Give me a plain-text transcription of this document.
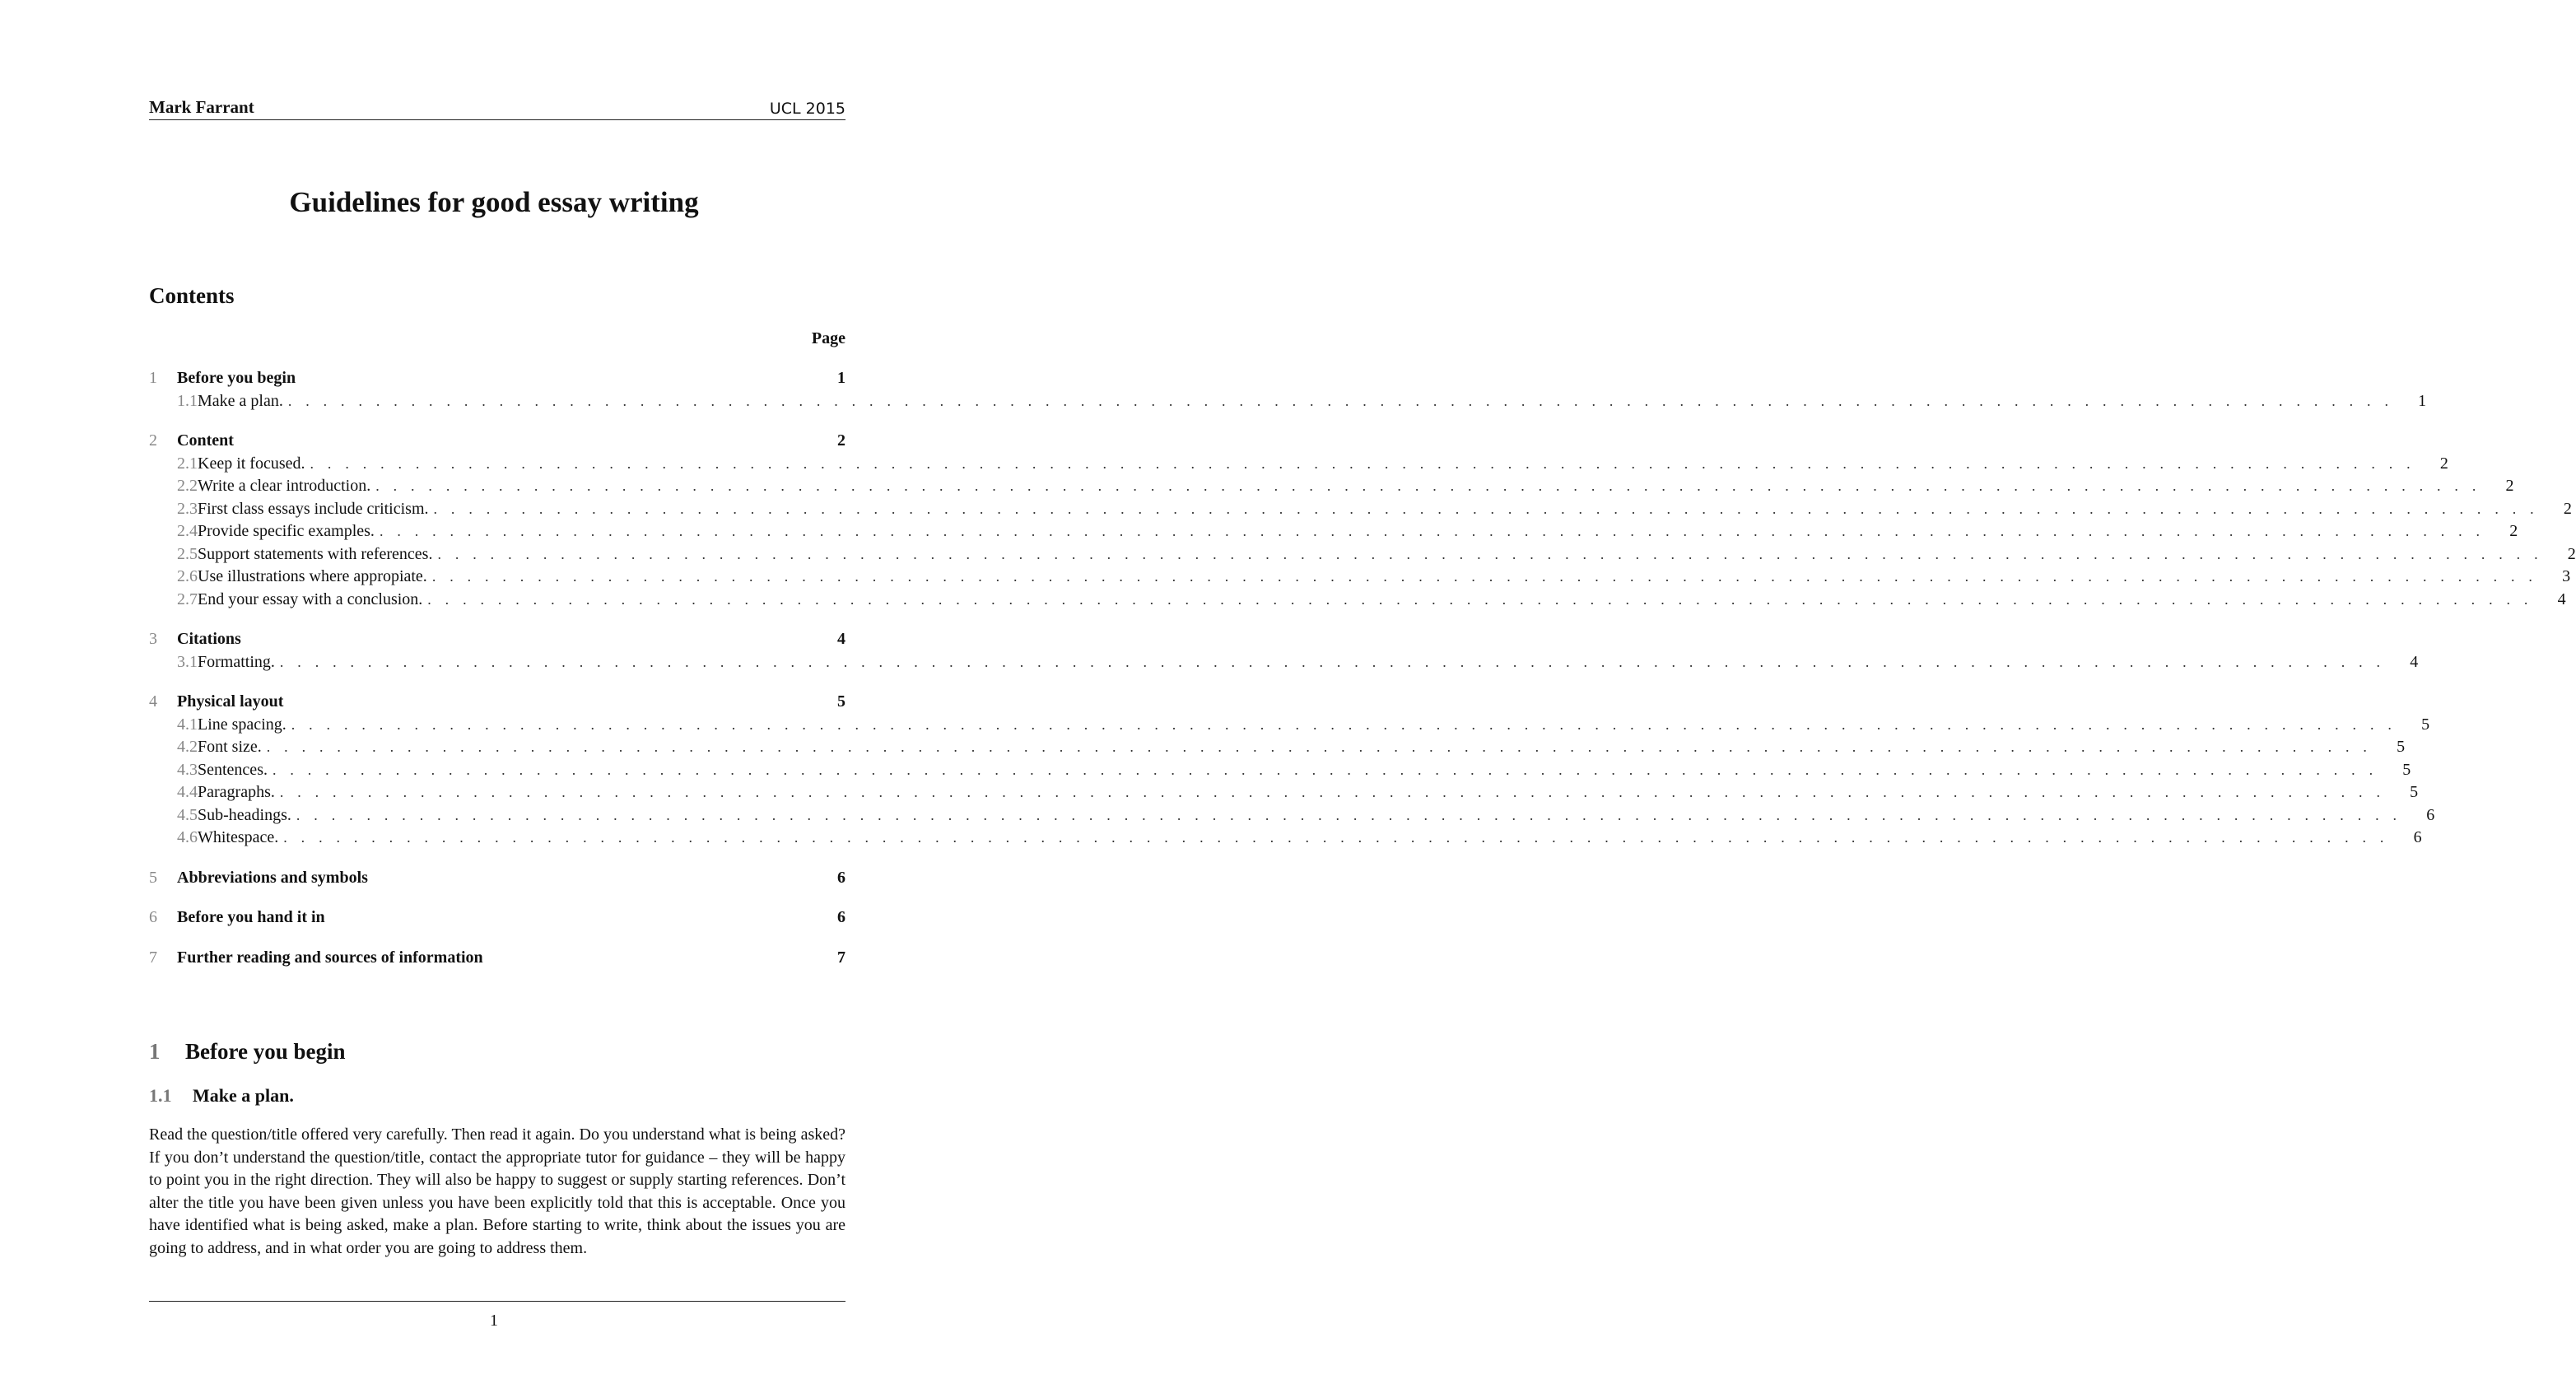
Mark Farrant	UCL 2015
Guidelines for good essay writing
Contents
Page
1	Before you begin	1
1.1 Make a plan. . . . . . . . . . . . . . . . . . . . . . . . . . . . . . . . . . . . . . . . . . . . . . . . . . . . . . . . . . . . . . . . . . . . . . . . . . . . . . . . . . . . . . . . . . . . . . . . . . . . . . . . . . . . . . . . . . . . . . . . . 1
2	Content	2
2.1 Keep it focused. . . . . . . . . . . . . . . . . . . . . . . . . . . . . . . . . . . . . . . . . . . . . . . . . . . . . . . . . . . . . . . . . . . . . . . . . . . . . . . . . . . . . . . . . . . . . . . . . . . . . . . . . . . . . . . . . . . . . . . . . 2
2.2 Write a clear introduction. . . . . . . . . . . . . . . . . . . . . . . . . . . . . . . . . . . . . . . . . . . . . . . . . . . . . . . . . . . . . . . . . . . . . . . . . . . . . . . . . . . . . . . . . . . . . . . . . . . . . . . . . . . . . . . . . . . . . . . . . 2
2.3 First class essays include criticism. . . . . . . . . . . . . . . . . . . . . . . . . . . . . . . . . . . . . . . . . . . . . . . . . . . . . . . . . . . . . . . . . . . . . . . . . . . . . . . . . . . . . . . . . . . . . . . . . . . . . . . . . . . . . . . . . . . . . . . . . 2
2.4 Provide specific examples. . . . . . . . . . . . . . . . . . . . . . . . . . . . . . . . . . . . . . . . . . . . . . . . . . . . . . . . . . . . . . . . . . . . . . . . . . . . . . . . . . . . . . . . . . . . . . . . . . . . . . . . . . . . . . . . . . . . . . . . . 2
2.5 Support statements with references. . . . . . . . . . . . . . . . . . . . . . . . . . . . . . . . . . . . . . . . . . . . . . . . . . . . . . . . . . . . . . . . . . . . . . . . . . . . . . . . . . . . . . . . . . . . . . . . . . . . . . . . . . . . . . . . . . . . . . . . . 2
2.6 Use illustrations where appropiate. . . . . . . . . . . . . . . . . . . . . . . . . . . . . . . . . . . . . . . . . . . . . . . . . . . . . . . . . . . . . . . . . . . . . . . . . . . . . . . . . . . . . . . . . . . . . . . . . . . . . . . . . . . . . . . . . . . . . . . . . 3
2.7 End your essay with a conclusion. . . . . . . . . . . . . . . . . . . . . . . . . . . . . . . . . . . . . . . . . . . . . . . . . . . . . . . . . . . . . . . . . . . . . . . . . . . . . . . . . . . . . . . . . . . . . . . . . . . . . . . . . . . . . . . . . . . . . . . . . 4
3	Citations	4
3.1 Formatting. . . . . . . . . . . . . . . . . . . . . . . . . . . . . . . . . . . . . . . . . . . . . . . . . . . . . . . . . . . . . . . . . . . . . . . . . . . . . . . . . . . . . . . . . . . . . . . . . . . . . . . . . . . . . . . . . . . . . . . . . 4
4	Physical layout	5
4.1 Line spacing. . . . . . . . . . . . . . . . . . . . . . . . . . . . . . . . . . . . . . . . . . . . . . . . . . . . . . . . . . . . . . . . . . . . . . . . . . . . . . . . . . . . . . . . . . . . . . . . . . . . . . . . . . . . . . . . . . . . . . . . . 5
4.2 Font size. . . . . . . . . . . . . . . . . . . . . . . . . . . . . . . . . . . . . . . . . . . . . . . . . . . . . . . . . . . . . . . . . . . . . . . . . . . . . . . . . . . . . . . . . . . . . . . . . . . . . . . . . . . . . . . . . . . . . . . . . 5
4.3 Sentences. . . . . . . . . . . . . . . . . . . . . . . . . . . . . . . . . . . . . . . . . . . . . . . . . . . . . . . . . . . . . . . . . . . . . . . . . . . . . . . . . . . . . . . . . . . . . . . . . . . . . . . . . . . . . . . . . . . . . . . . . 5
4.4 Paragraphs. . . . . . . . . . . . . . . . . . . . . . . . . . . . . . . . . . . . . . . . . . . . . . . . . . . . . . . . . . . . . . . . . . . . . . . . . . . . . . . . . . . . . . . . . . . . . . . . . . . . . . . . . . . . . . . . . . . . . . . . . 5
4.5 Sub-headings. . . . . . . . . . . . . . . . . . . . . . . . . . . . . . . . . . . . . . . . . . . . . . . . . . . . . . . . . . . . . . . . . . . . . . . . . . . . . . . . . . . . . . . . . . . . . . . . . . . . . . . . . . . . . . . . . . . . . . . . . 6
4.6 Whitespace. . . . . . . . . . . . . . . . . . . . . . . . . . . . . . . . . . . . . . . . . . . . . . . . . . . . . . . . . . . . . . . . . . . . . . . . . . . . . . . . . . . . . . . . . . . . . . . . . . . . . . . . . . . . . . . . . . . . . . . . . 6
5	Abbreviations and symbols	6
6	Before you hand it in	6
7	Further reading and sources of information	7
1	Before you begin
1.1	Make a plan.

Read the question/title offered very carefully. Then read it again. Do you understand what is being asked? If you don’t understand the question/title, contact the appropriate tutor for guidance – they will be happy to point you in the right direction. They will also be happy to suggest or supply starting references. Don’t alter the title you have been given unless you have been explicitly told that this is acceptable. Once you have identified what is being asked, make a plan. Before starting to write, think about the issues you are going to address, and in what order you are going to address them.

1
